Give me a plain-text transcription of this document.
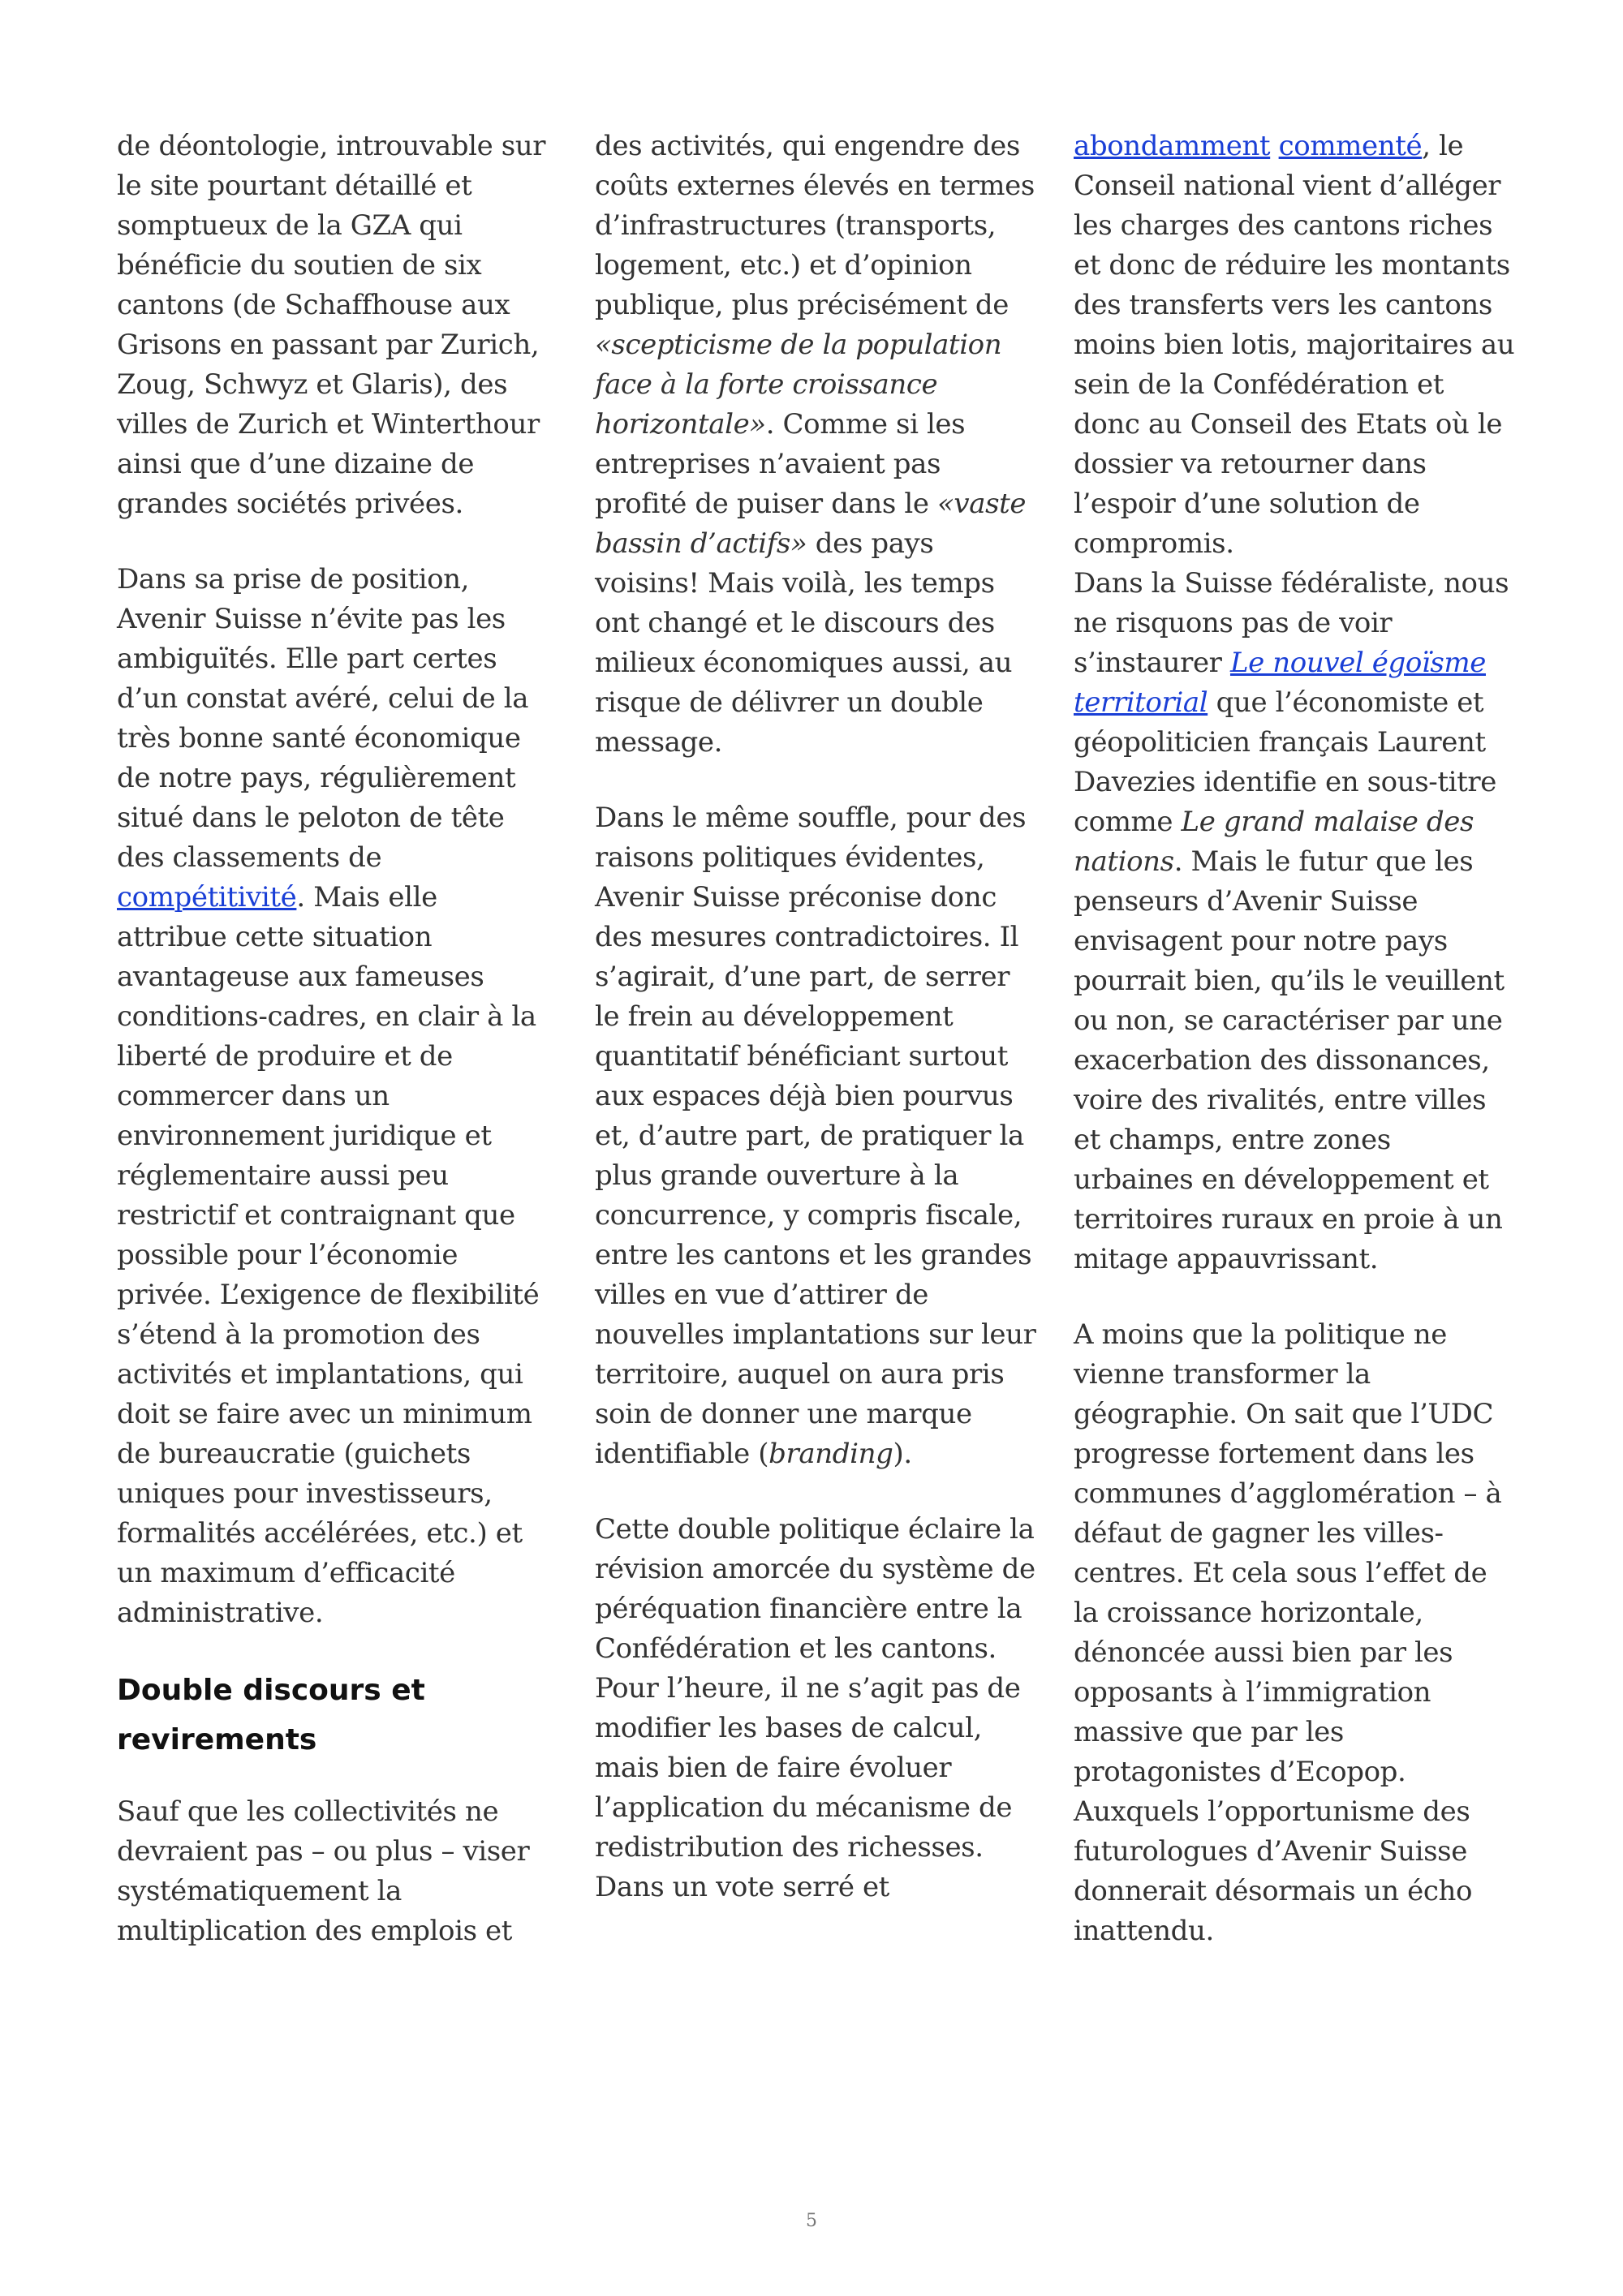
de déontologie, introuvable sur le site pourtant détaillé et somptueux de la GZA qui bénéficie du soutien de six cantons (de Schaffhouse aux Grisons en passant par Zurich, Zoug, Schwyz et Glaris), des villes de Zurich et Winterthour ainsi que d’une dizaine de grandes sociétés privées.

Dans sa prise de position, Avenir Suisse n’évite pas les ambiguïtés. Elle part certes d’un constat avéré, celui de la très bonne santé économique de notre pays, régulièrement situé dans le peloton de tête des classements de compétitivité. Mais elle attribue cette situation avantageuse aux fameuses conditions-cadres, en clair à la liberté de produire et de commercer dans un environnement juridique et réglementaire aussi peu restrictif et contraignant que possible pour l’économie privée. L’exigence de flexibilité s’étend à la promotion des activités et implantations, qui doit se faire avec un minimum de bureaucratie (guichets uniques pour investisseurs, formalités accélérées, etc.) et un maximum d’efficacité administrative.

Double discours et revirements

Sauf que les collectivités ne devraient pas – ou plus – viser systématiquement la multiplication des emplois et

des activités, qui engendre des coûts externes élevés en termes d’infrastructures (transports, logement, etc.) et d’opinion publique, plus précisément de «scepticisme de la population face à la forte croissance horizontale». Comme si les entreprises n’avaient pas profité de puiser dans le «vaste bassin d’actifs» des pays voisins! Mais voilà, les temps ont changé et le discours des milieux économiques aussi, au risque de délivrer un double message.

Dans le même souffle, pour des raisons politiques évidentes, Avenir Suisse préconise donc des mesures contradictoires. Il s’agirait, d’une part, de serrer le frein au développement quantitatif bénéficiant surtout aux espaces déjà bien pourvus et, d’autre part, de pratiquer la plus grande ouverture à la concurrence, y compris fiscale, entre les cantons et les grandes villes en vue d’attirer de nouvelles implantations sur leur territoire, auquel on aura pris soin de donner une marque identifiable (branding).

Cette double politique éclaire la révision amorcée du système de péréquation financière entre la Confédération et les cantons. Pour l’heure, il ne s’agit pas de modifier les bases de calcul, mais bien de faire évoluer l’application du mécanisme de redistribution des richesses. Dans un vote serré et

abondamment commenté, le Conseil national vient d’alléger les charges des cantons riches et donc de réduire les montants des transferts vers les cantons moins bien lotis, majoritaires au sein de la Confédération et donc au Conseil des Etats où le dossier va retourner dans l’espoir d’une solution de compromis.

Dans la Suisse fédéraliste, nous ne risquons pas de voir s’instaurer Le nouvel égoïsme territorial que l’économiste et géopoliticien français Laurent Davezies identifie en sous-titre comme Le grand malaise des nations. Mais le futur que les penseurs d’Avenir Suisse envisagent pour notre pays pourrait bien, qu’ils le veuillent ou non, se caractériser par une exacerbation des dissonances, voire des rivalités, entre villes et champs, entre zones urbaines en développement et territoires ruraux en proie à un mitage appauvrissant.

A moins que la politique ne vienne transformer la géographie. On sait que l’UDC progresse fortement dans les communes d’agglomération – à défaut de gagner les villes-centres. Et cela sous l’effet de la croissance horizontale, dénoncée aussi bien par les opposants à l’immigration massive que par les protagonistes d’Ecopop. Auxquels l’opportunisme des futurologues d’Avenir Suisse donnerait désormais un écho inattendu.

5
